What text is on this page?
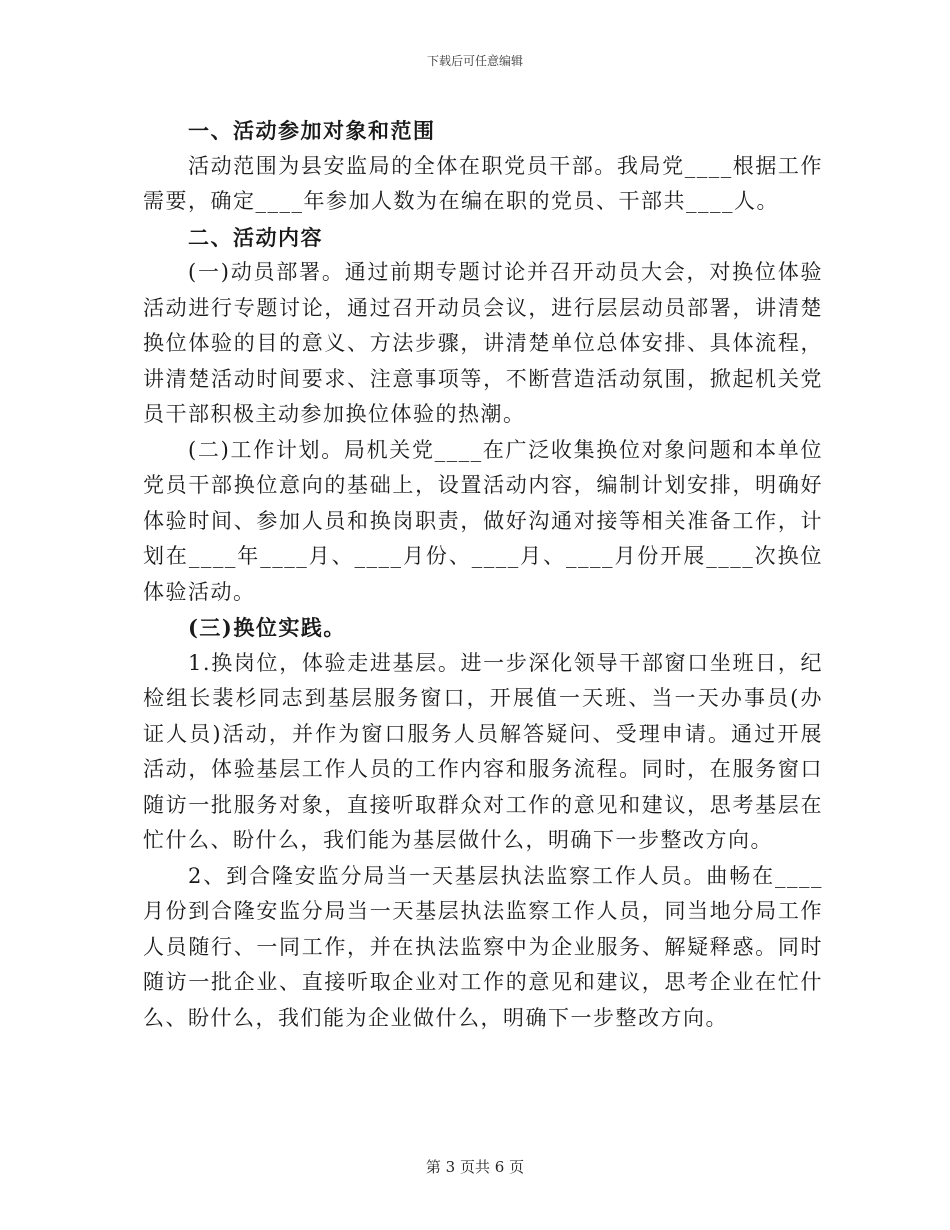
下载后可任意编辑

一、活动参加对象和范围

活动范围为县安监局的全体在职党员干部。我局党____根据工作需要，确定____年参加人数为在编在职的党员、干部共____人。

二、活动内容

(一)动员部署。通过前期专题讨论并召开动员大会，对换位体验活动进行专题讨论，通过召开动员会议，进行层层动员部署，讲清楚换位体验的目的意义、方法步骤，讲清楚单位总体安排、具体流程，讲清楚活动时间要求、注意事项等，不断营造活动氛围，掀起机关党员干部积极主动参加换位体验的热潮。

(二)工作计划。局机关党____在广泛收集换位对象问题和本单位党员干部换位意向的基础上，设置活动内容，编制计划安排，明确好体验时间、参加人员和换岗职责，做好沟通对接等相关准备工作，计划在____年____月、____月份、____月、____月份开展____次换位体验活动。

(三)换位实践。

1.换岗位，体验走进基层。进一步深化领导干部窗口坐班日，纪检组长裴杉同志到基层服务窗口，开展值一天班、当一天办事员(办证人员)活动，并作为窗口服务人员解答疑问、受理申请。通过开展活动，体验基层工作人员的工作内容和服务流程。同时，在服务窗口随访一批服务对象，直接听取群众对工作的意见和建议，思考基层在忙什么、盼什么，我们能为基层做什么，明确下一步整改方向。

2、到合隆安监分局当一天基层执法监察工作人员。曲畅在____月份到合隆安监分局当一天基层执法监察工作人员，同当地分局工作人员随行、一同工作，并在执法监察中为企业服务、解疑释惑。同时随访一批企业、直接听取企业对工作的意见和建议，思考企业在忙什么、盼什么，我们能为企业做什么，明确下一步整改方向。

第 3 页共 6 页
